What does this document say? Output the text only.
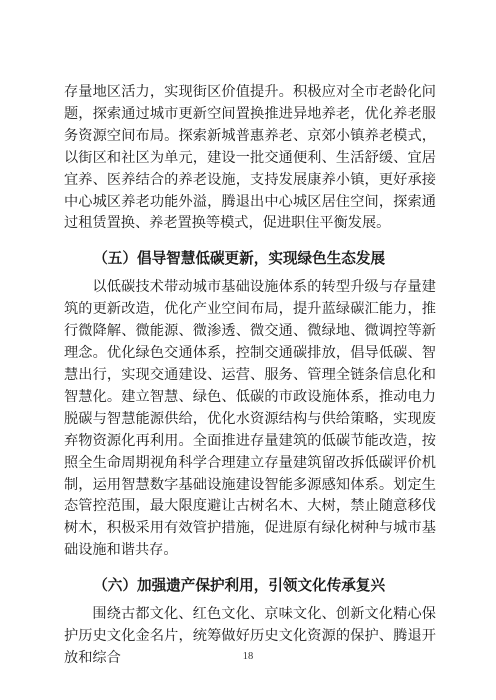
存量地区活力，实现街区价值提升。积极应对全市老龄化问题，探索通过城市更新空间置换推进异地养老，优化养老服务资源空间布局。探索新城普惠养老、京郊小镇养老模式，以街区和社区为单元，建设一批交通便利、生活舒缓、宜居宜养、医养结合的养老设施，支持发展康养小镇，更好承接中心城区养老功能外溢，腾退出中心城区居住空间，探索通过租赁置换、养老置换等模式，促进职住平衡发展。

（五）倡导智慧低碳更新，实现绿色生态发展

以低碳技术带动城市基础设施体系的转型升级与存量建筑的更新改造，优化产业空间布局，提升蓝绿碳汇能力，推行微降解、微能源、微渗透、微交通、微绿地、微调控等新理念。优化绿色交通体系，控制交通碳排放，倡导低碳、智慧出行，实现交通建设、运营、服务、管理全链条信息化和智慧化。建立智慧、绿色、低碳的市政设施体系，推动电力脱碳与智慧能源供给，优化水资源结构与供给策略，实现废弃物资源化再利用。全面推进存量建筑的低碳节能改造，按照全生命周期视角科学合理建立存量建筑留改拆低碳评价机制，运用智慧数字基础设施建设智能多源感知体系。划定生态管控范围，最大限度避让古树名木、大树，禁止随意移伐树木，积极采用有效管护措施，促进原有绿化树种与城市基础设施和谐共存。

（六）加强遗产保护利用，引领文化传承复兴

围绕古都文化、红色文化、京味文化、创新文化精心保护历史文化金名片，统筹做好历史文化资源的保护、腾退开放和综合	18
